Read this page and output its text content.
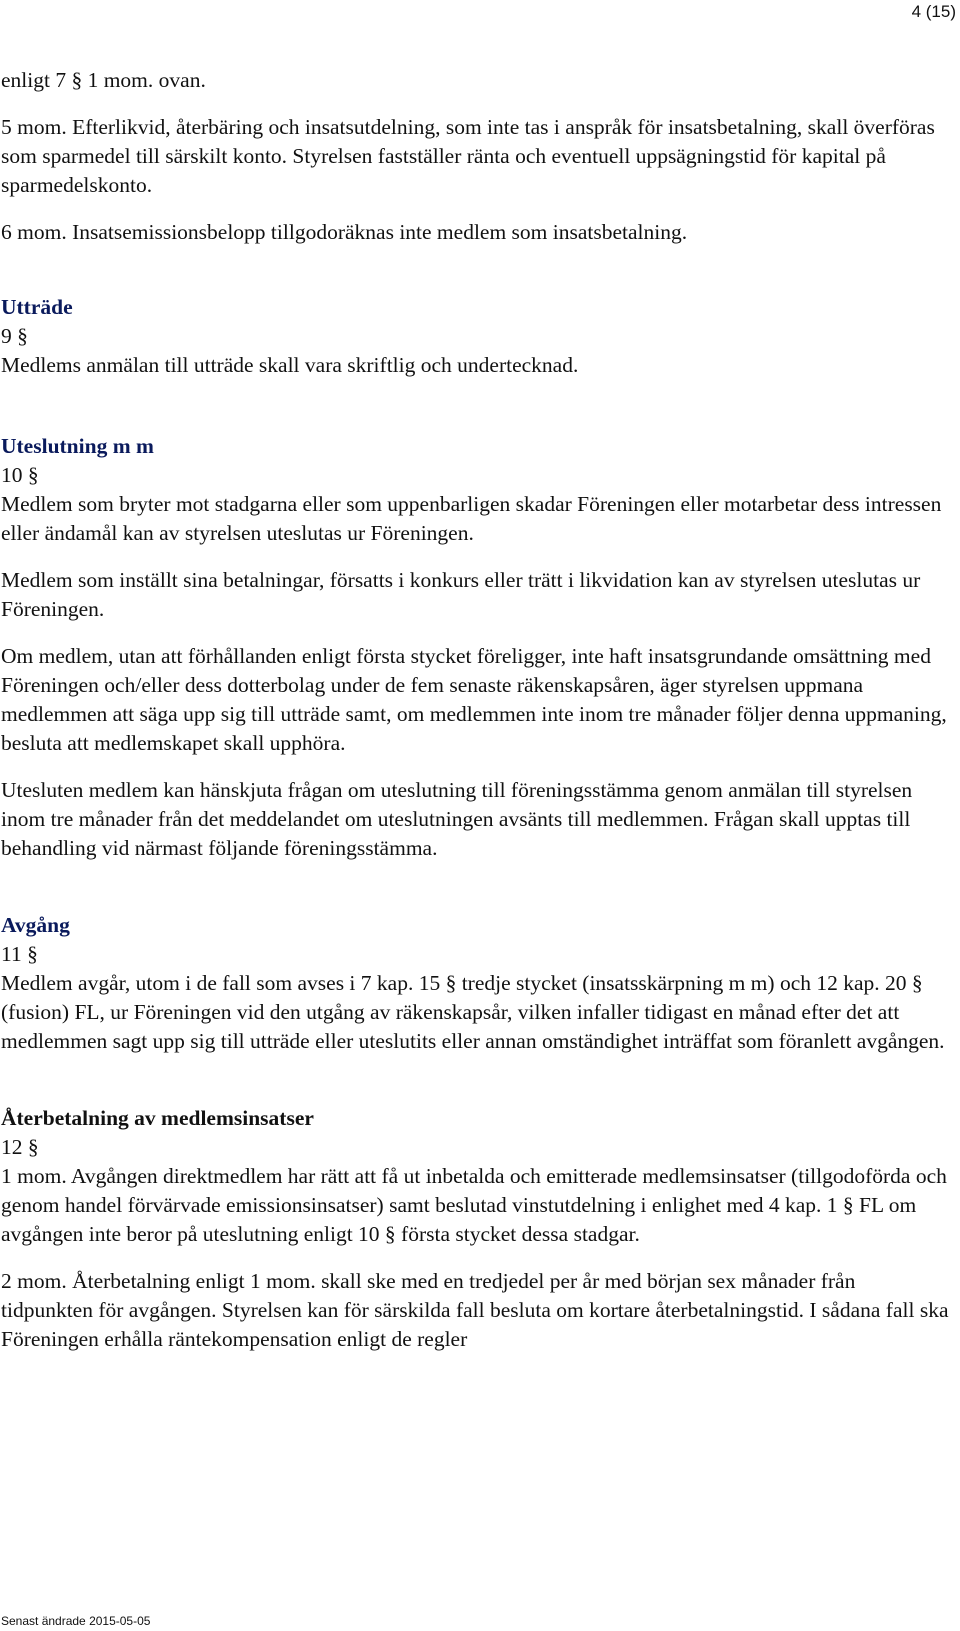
4 (15)

enligt 7 § 1 mom. ovan.

5 mom. Efterlikvid, återbäring och insatsutdelning, som inte tas i anspråk för insatsbetalning, skall överföras som sparmedel till särskilt konto. Styrelsen fastställer ränta och eventuell uppsägningstid för kapital på sparmedelskonto.

6 mom. Insatsemissionsbelopp tillgodoräknas inte medlem som insatsbetalning.

Utträde

9 §

Medlems anmälan till utträde skall vara skriftlig och undertecknad.

Uteslutning m m

10 §

Medlem som bryter mot stadgarna eller som uppenbarligen skadar Föreningen eller motarbetar dess intressen eller ändamål kan av styrelsen uteslutas ur Föreningen.

Medlem som inställt sina betalningar, försatts i konkurs eller trätt i likvidation kan av styrelsen uteslutas ur Föreningen.

Om medlem, utan att förhållanden enligt första stycket föreligger, inte haft insatsgrundande omsättning med Föreningen och/eller dess dotterbolag under de fem senaste räkenskapsåren, äger styrelsen uppmana medlemmen att säga upp sig till utträde samt, om medlemmen inte inom tre månader följer denna uppmaning, besluta att medlemskapet skall upphöra.

Utesluten medlem kan hänskjuta frågan om uteslutning till föreningsstämma genom anmälan till styrelsen inom tre månader från det meddelandet om uteslutningen avsänts till medlemmen. Frågan skall upptas till behandling vid närmast följande föreningsstämma.

Avgång

11 §

Medlem avgår, utom i de fall som avses i 7 kap. 15 § tredje stycket (insatsskärpning m m) och 12 kap. 20 § (fusion) FL, ur Föreningen vid den utgång av räkenskapsår, vilken infaller tidigast en månad efter det att medlemmen sagt upp sig till utträde eller uteslutits eller annan omständighet inträffat som föranlett avgången.

Återbetalning av medlemsinsatser

12 §

1 mom. Avgången direktmedlem har rätt att få ut inbetalda och emitterade medlemsinsatser (tillgodoförda och genom handel förvärvade emissionsinsatser) samt beslutad vinstutdelning i enlighet med 4 kap. 1 § FL om avgången inte beror på uteslutning enligt 10 § första stycket dessa stadgar.

2 mom. Återbetalning enligt 1 mom. skall ske med en tredjedel per år med början sex månader från tidpunkten för avgången. Styrelsen kan för särskilda fall besluta om kortare återbetalningstid. I sådana fall ska Föreningen erhålla räntekompensation enligt de regler

Senast ändrade 2015-05-05
